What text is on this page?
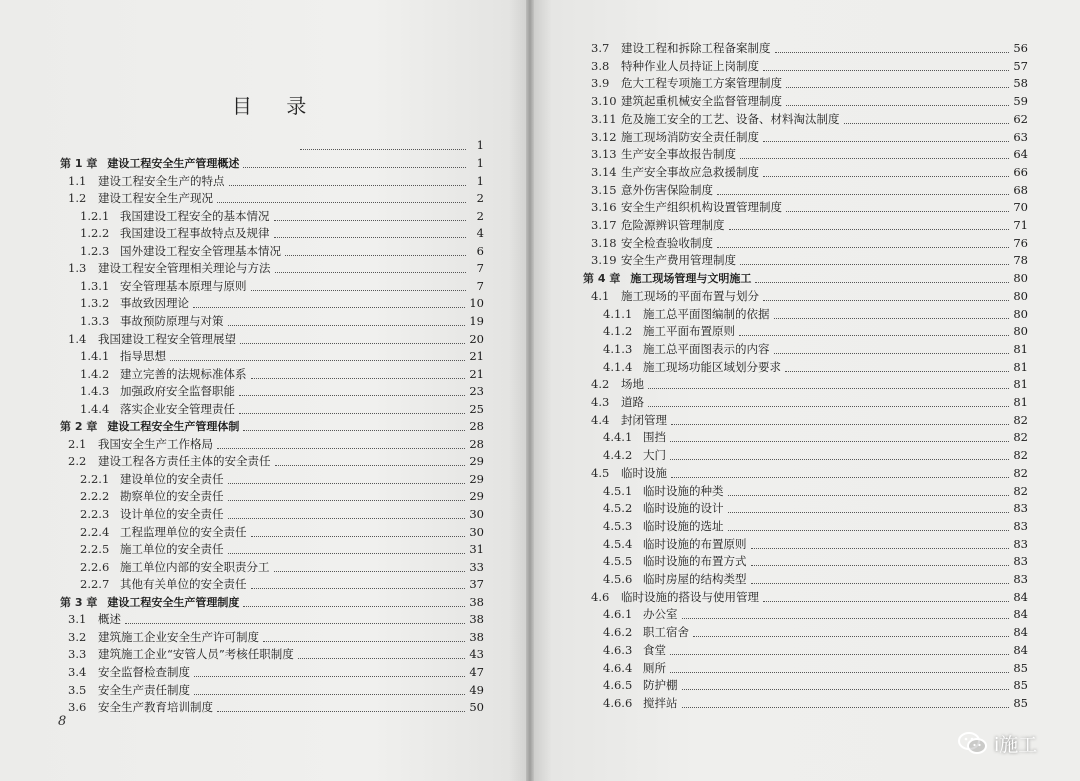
目 录
1
第 1 章 建设工程安全生产管理概述	1
1.1	建设工程安全生产的特点	1
1.2	建设工程安全生产现况	2
1.2.1 我国建设工程安全的基本情况	2
1.2.2 我国建设工程事故特点及规律	4
1.2.3 国外建设工程安全管理基本情况	6
1.3	建设工程安全管理相关理论与方法	7
1.3.1 安全管理基本原理与原则	7
1.3.2 事故致因理论	10
1.3.3 事故预防原理与对策	19
1.4	我国建设工程安全管理展望	20
1.4.1 指导思想	21
1.4.2 建立完善的法规标准体系	21
1.4.3 加强政府安全监督职能	23
1.4.4 落实企业安全管理责任	25
第 2 章 建设工程安全生产管理体制	28
2.1	我国安全生产工作格局	28
2.2	建设工程各方责任主体的安全责任	29
2.2.1 建设单位的安全责任	29
2.2.2 勘察单位的安全责任	29
2.2.3 设计单位的安全责任	30
2.2.4 工程监理单位的安全责任	30
2.2.5 施工单位的安全责任	31
2.2.6 施工单位内部的安全职责分工	33
2.2.7 其他有关单位的安全责任	37
第 3 章 建设工程安全生产管理制度	38
3.1	概述	38
3.2	建筑施工企业安全生产许可制度	38
3.3	建筑施工企业“安管人员”考核任职制度	43
3.4	安全监督检查制度	47
3.5	安全生产责任制度	49
3.6	安全生产教育培训制度	50
8
3.7	建设工程和拆除工程备案制度	56
3.8	特种作业人员持证上岗制度	57
3.9	危大工程专项施工方案管理制度	58
3.10 建筑起重机械安全监督管理制度	59
3.11 危及施工安全的工艺、设备、材料淘汰制度	62
3.12 施工现场消防安全责任制度	63
3.13 生产安全事故报告制度	64
3.14 生产安全事故应急救援制度	66
3.15 意外伤害保险制度	68
3.16 安全生产组织机构设置管理制度	70
3.17 危险源辨识管理制度	71
3.18 安全检查验收制度	76
3.19 安全生产费用管理制度	78
第 4 章 施工现场管理与文明施工	80
4.1	施工现场的平面布置与划分	80
4.1.1 施工总平面图编制的依据	80
4.1.2 施工平面布置原则	80
4.1.3 施工总平面图表示的内容	81
4.1.4 施工现场功能区域划分要求	81
4.2	场地	81
4.3	道路	81
4.4	封闭管理	82
4.4.1 围挡	82
4.4.2 大门	82
4.5	临时设施	82
4.5.1 临时设施的种类	82
4.5.2 临时设施的设计	83
4.5.3 临时设施的选址	83
4.5.4 临时设施的布置原则	83
4.5.5 临时设施的布置方式	83
4.5.6 临时房屋的结构类型	83
4.6	临时设施的搭设与使用管理	84
4.6.1 办公室	84
4.6.2 职工宿舍	84
4.6.3 食堂	84
4.6.4 厕所	85
4.6.5 防护棚	85
4.6.6 搅拌站	85
i施工
